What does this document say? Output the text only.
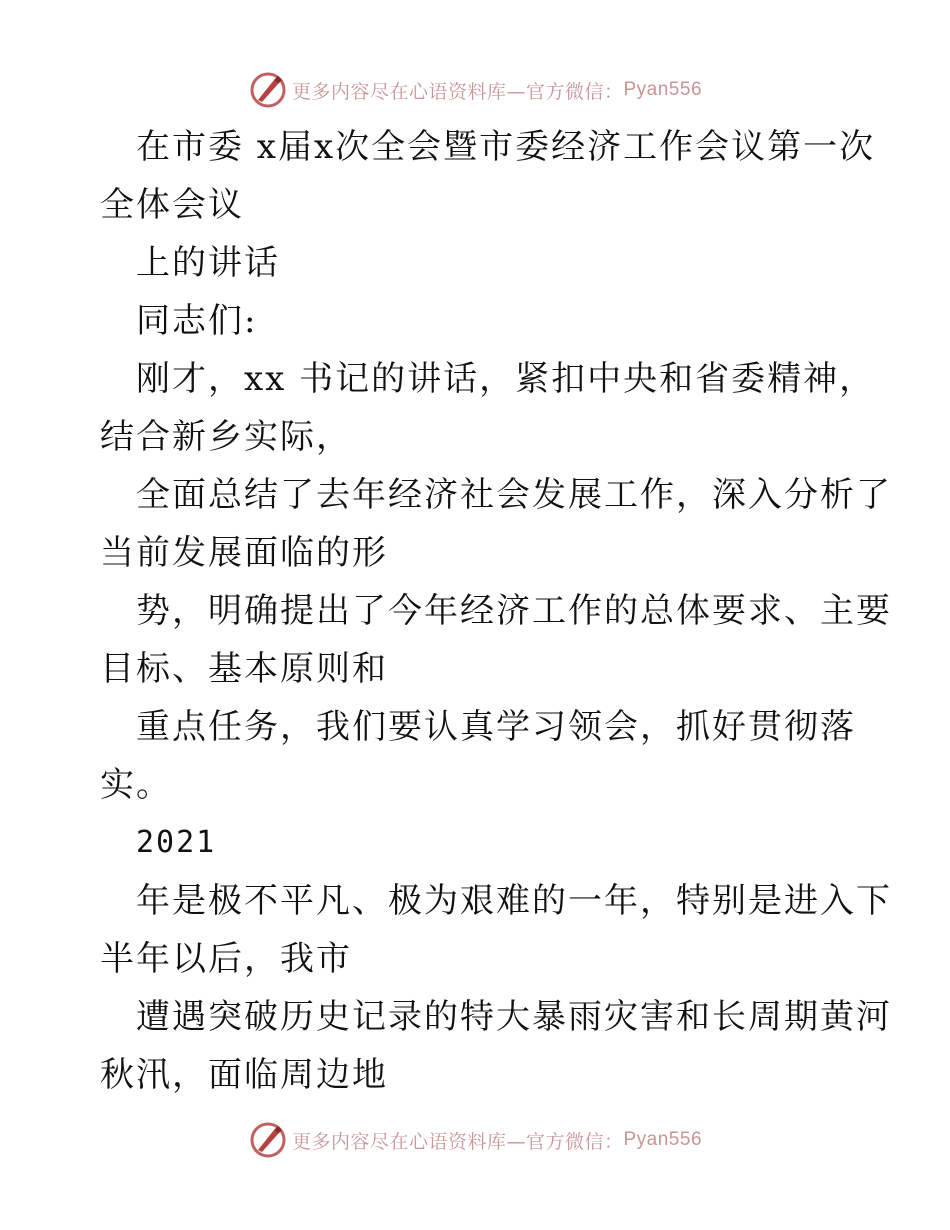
更多内容尽在心语资料库—官方微信： Pyan556
在市委 x届x次全会暨市委经济工作会议第一次
全体会议
上的讲话
同志们:
刚才，xx 书记的讲话，紧扣中央和省委精神，
结合新乡实际，
全面总结了去年经济社会发展工作，深入分析了
当前发展面临的形
势，明确提出了今年经济工作的总体要求、主要
目标、基本原则和
重点任务，我们要认真学习领会，抓好贯彻落
实。
2021
年是极不平凡、极为艰难的一年，特别是进入下
半年以后，我市
遭遇突破历史记录的特大暴雨灾害和长周期黄河
秋汛，面临周边地
更多内容尽在心语资料库—官方微信： Pyan556
